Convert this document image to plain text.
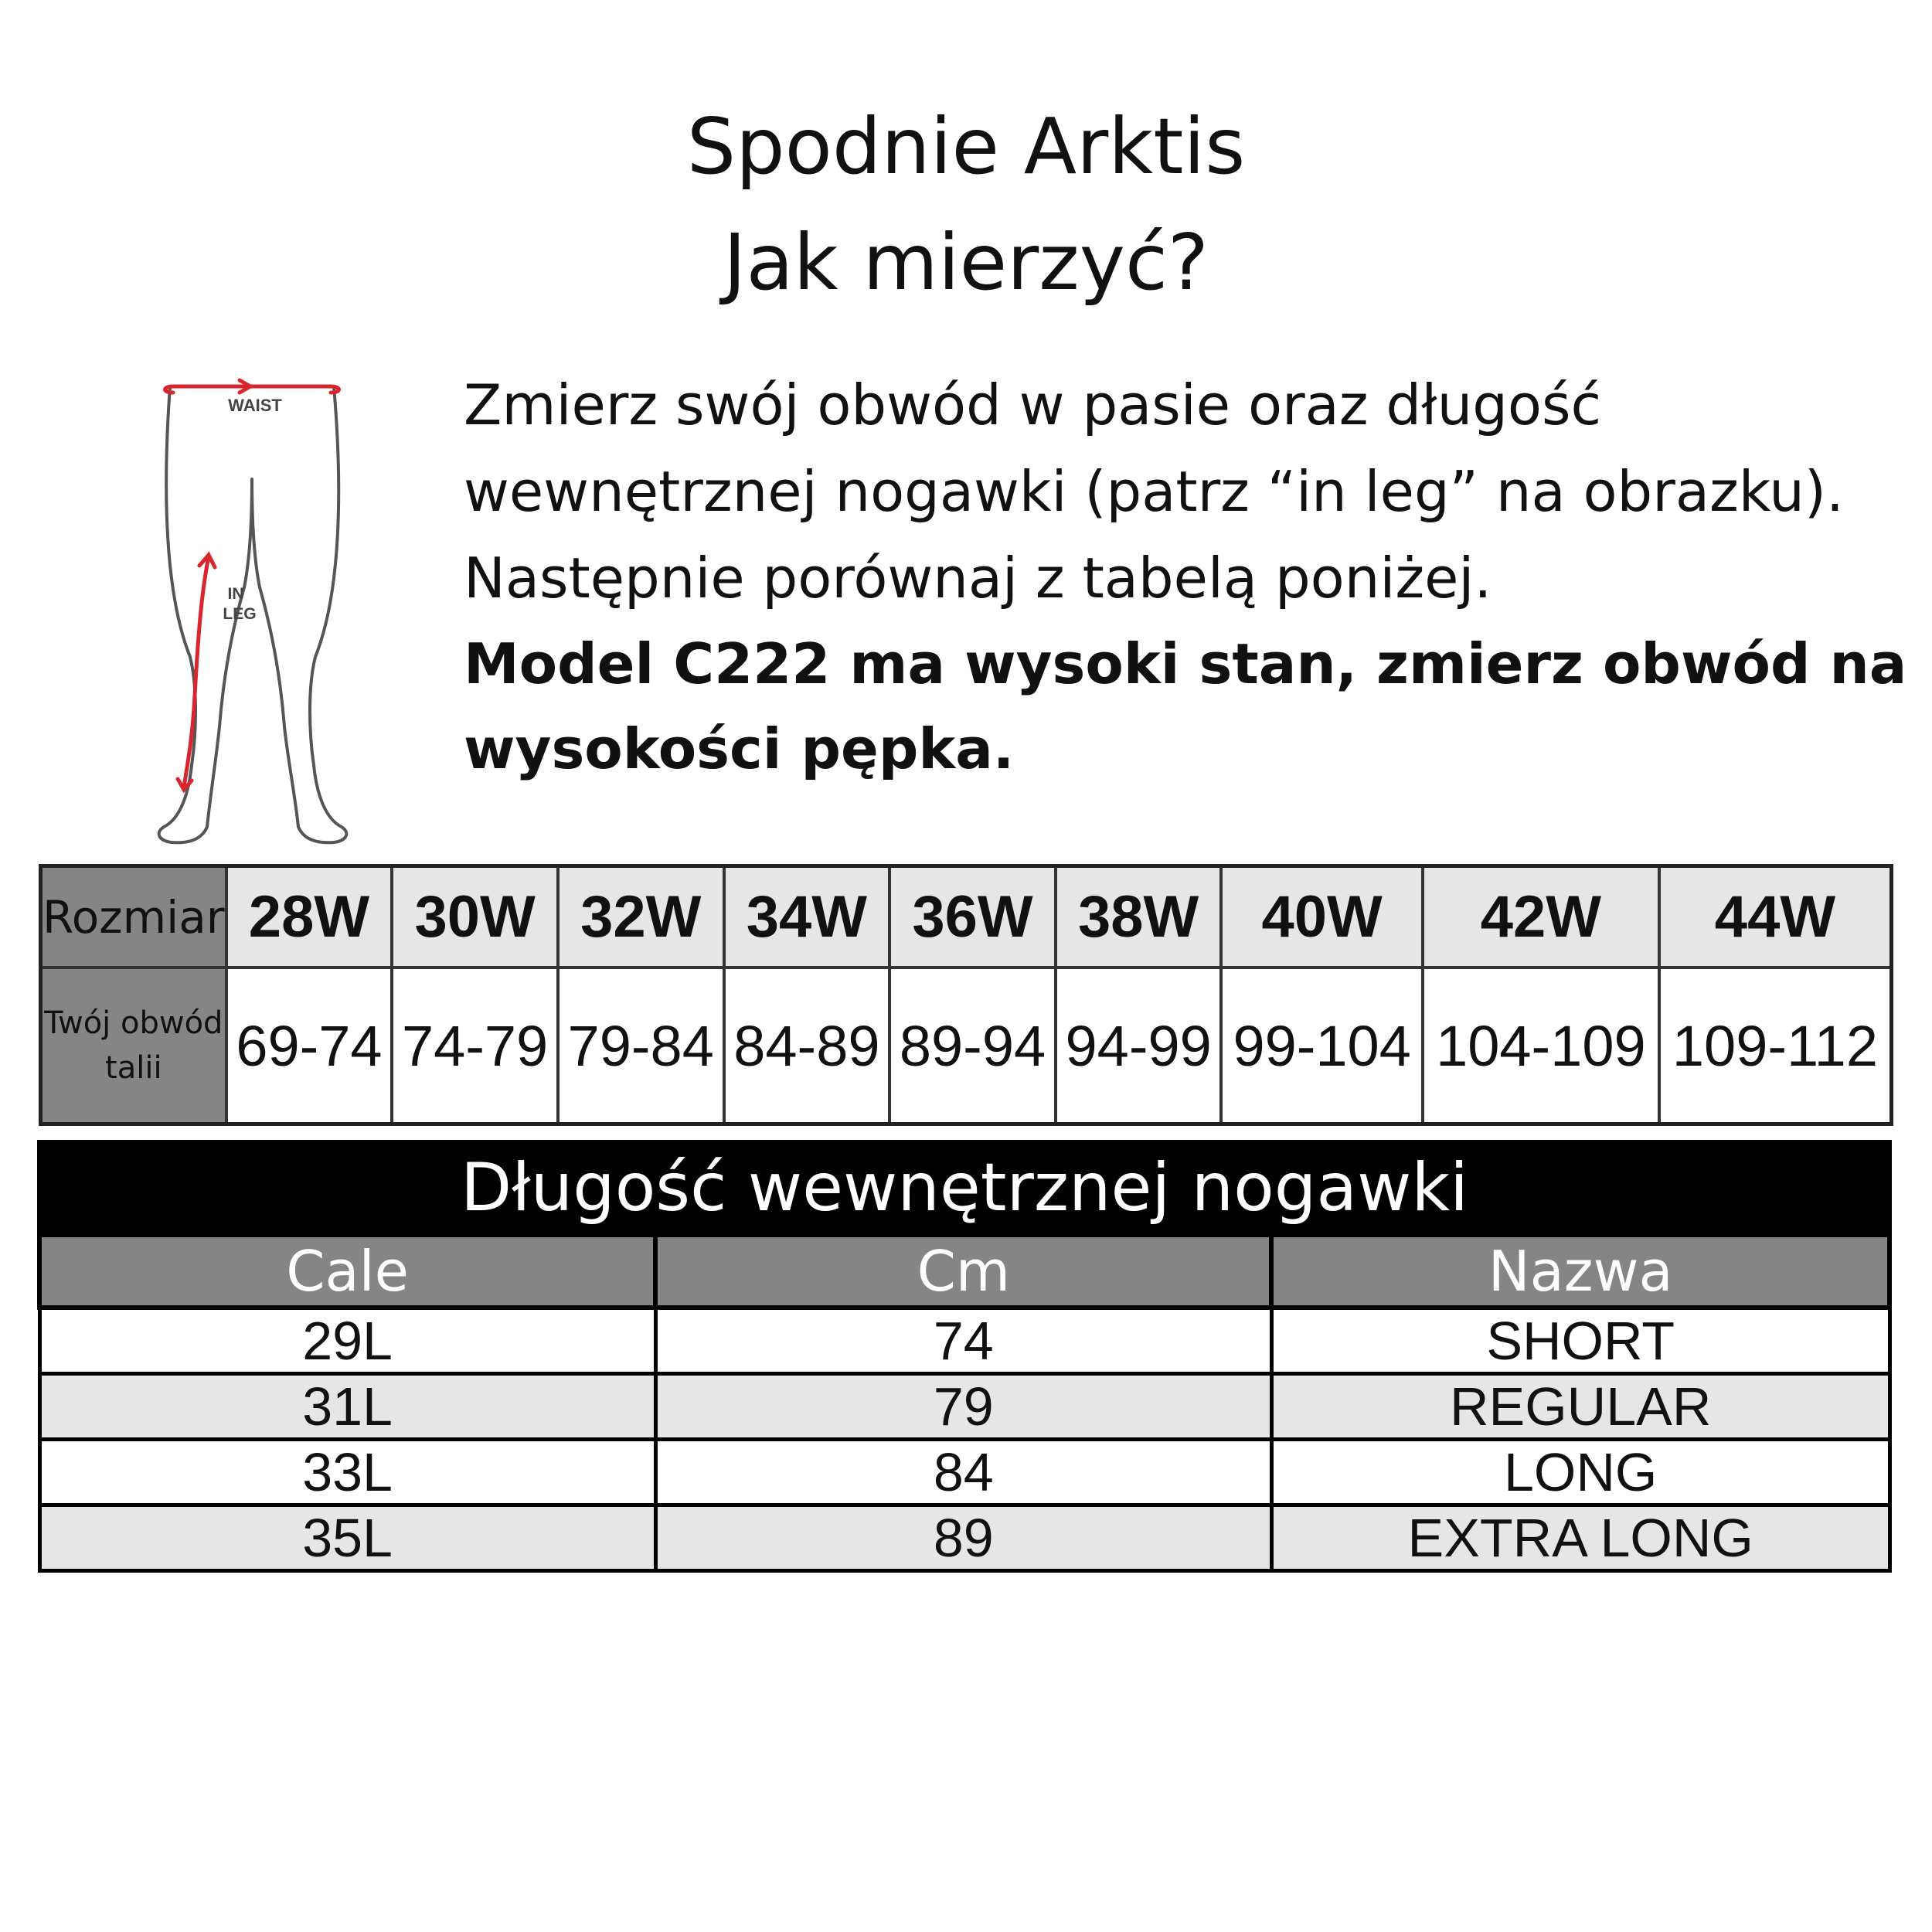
Spodnie Arktis
Jak mierzyć?
WAIST
IN
LEG
Zmierz swój obwód w pasie oraz długość
wewnętrznej nogawki (patrz “in leg” na obrazku).
Następnie porównaj z tabelą poniżej.
Model C222 ma wysoki stan, zmierz obwód na
wysokości pępka.
Rozmiar	28W	30W	32W	34W	36W	38W	40W	42W	44W
Twój obwód
talii	69-74	74-79	79-84	84-89	89-94	94-99	99-104	104-109	109-112
Długość wewnętrznej nogawki
Cale	Cm	Nazwa
29L	74	SHORT
31L	79	REGULAR
33L	84	LONG
35L	89	EXTRA LONG
